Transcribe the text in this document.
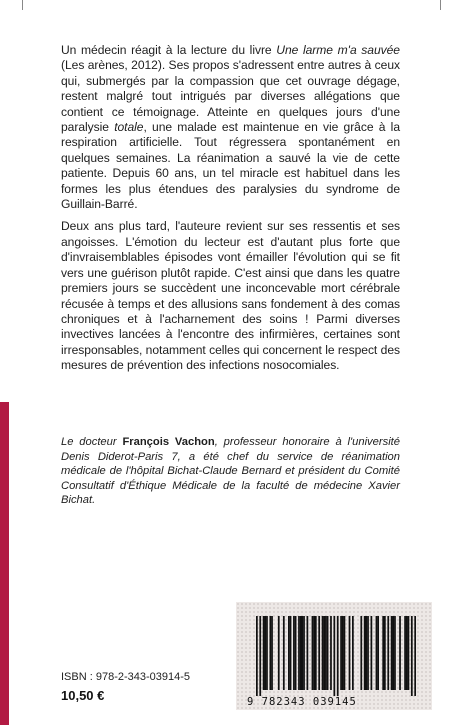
Un médecin réagit à la lecture du livre Une larme m'a sauvée (Les arènes, 2012). Ses propos s'adressent entre autres à ceux qui, submergés par la compassion que cet ouvrage dégage, restent malgré tout intrigués par diverses allégations que contient ce témoignage. Atteinte en quelques jours d'une paralysie totale, une malade est maintenue en vie grâce à la respiration artificielle. Tout régressera spontanément en quelques semaines. La réanimation a sauvé la vie de cette patiente. Depuis 60 ans, un tel miracle est habituel dans les formes les plus étendues des paralysies du syndrome de Guillain-Barré.

Deux ans plus tard, l'auteure revient sur ses ressentis et ses angoisses. L'émotion du lecteur est d'autant plus forte que d'invraisemblables épisodes vont émailler l'évolution qui se fit vers une guérison plutôt rapide. C'est ainsi que dans les quatre premiers jours se succèdent une inconcevable mort cérébrale récusée à temps et des allusions sans fondement à des comas chroniques et à l'acharnement des soins ! Parmi diverses invectives lancées à l'encontre des infirmières, certaines sont irresponsables, notamment celles qui concernent le respect des mesures de prévention des infections nosocomiales.

Le docteur François Vachon, professeur honoraire à l'université Denis Diderot-Paris 7, a été chef du service de réanimation médicale de l'hôpital Bichat-Claude Bernard et président du Comité Consultatif d'Éthique Médicale de la faculté de médecine Xavier Bichat.
ISBN : 978-2-343-03914-5
10,50 €	9 782343 039145
